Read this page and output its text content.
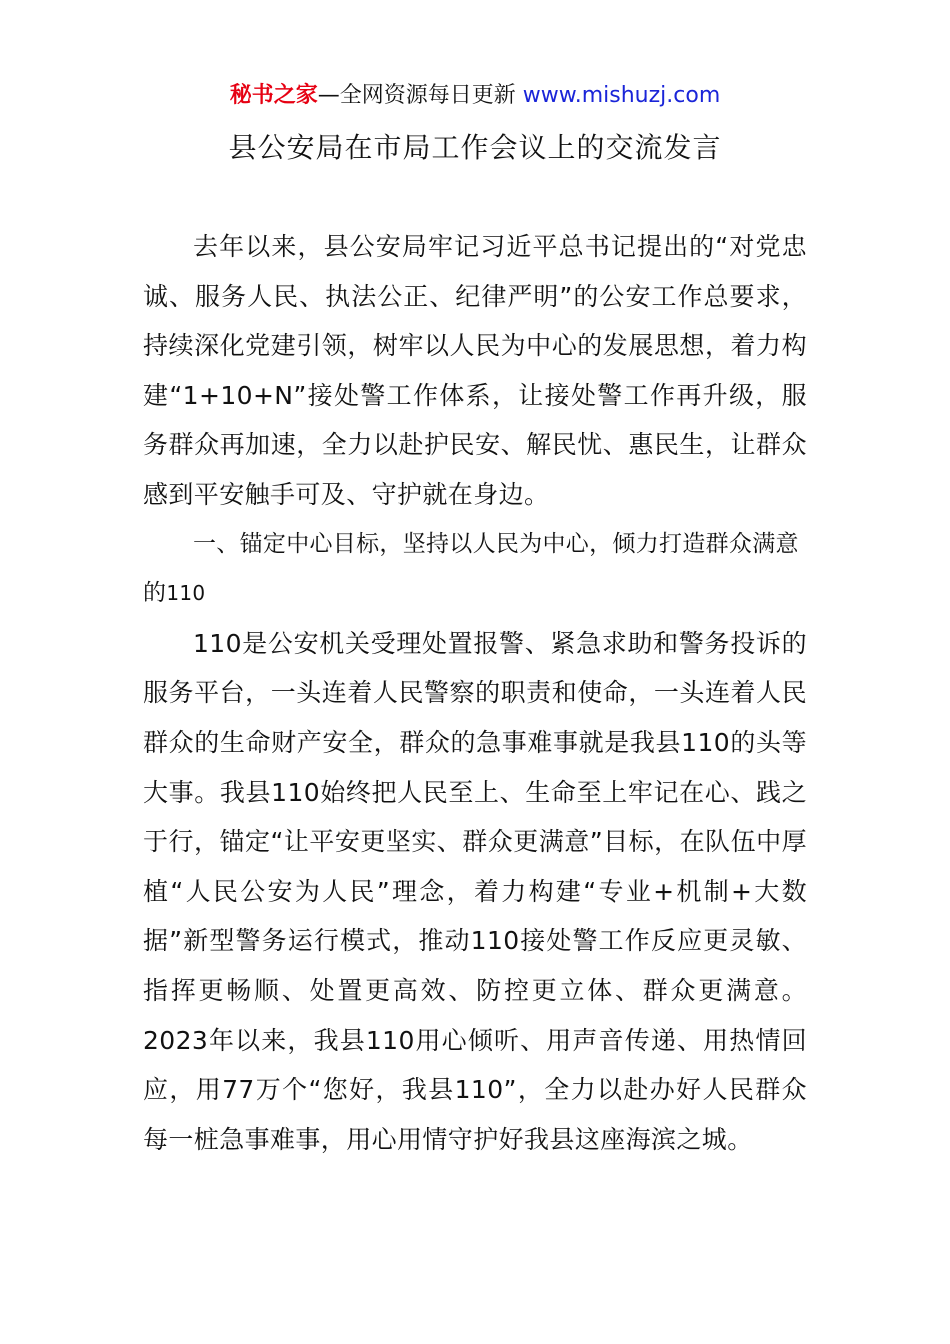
秘书之家—全网资源每日更新 www.mishuzj.com
县公安局在市局工作会议上的交流发言

去年以来，县公安局牢记习近平总书记提出的“对党忠诚、服务人民、执法公正、纪律严明”的公安工作总要求，持续深化党建引领，树牢以人民为中心的发展思想，着力构建“1+10+N”接处警工作体系，让接处警工作再升级，服务群众再加速，全力以赴护民安、解民忧、惠民生，让群众感到平安触手可及、守护就在身边。

一、锚定中心目标，坚持以人民为中心，倾力打造群众满意的110

110是公安机关受理处置报警、紧急求助和警务投诉的服务平台，一头连着人民警察的职责和使命，一头连着人民群众的生命财产安全，群众的急事难事就是我县110的头等大事。我县110始终把人民至上、生命至上牢记在心、践之于行，锚定“让平安更坚实、群众更满意”目标，在队伍中厚植“人民公安为人民”理念，着力构建“专业+机制+大数据”新型警务运行模式，推动110接处警工作反应更灵敏、指挥更畅顺、处置更高效、防控更立体、群众更满意。2023年以来，我县110用心倾听、用声音传递、用热情回应，用77万个“您好，我县110”，全力以赴办好人民群众每一桩急事难事，用心用情守护好我县这座海滨之城。
